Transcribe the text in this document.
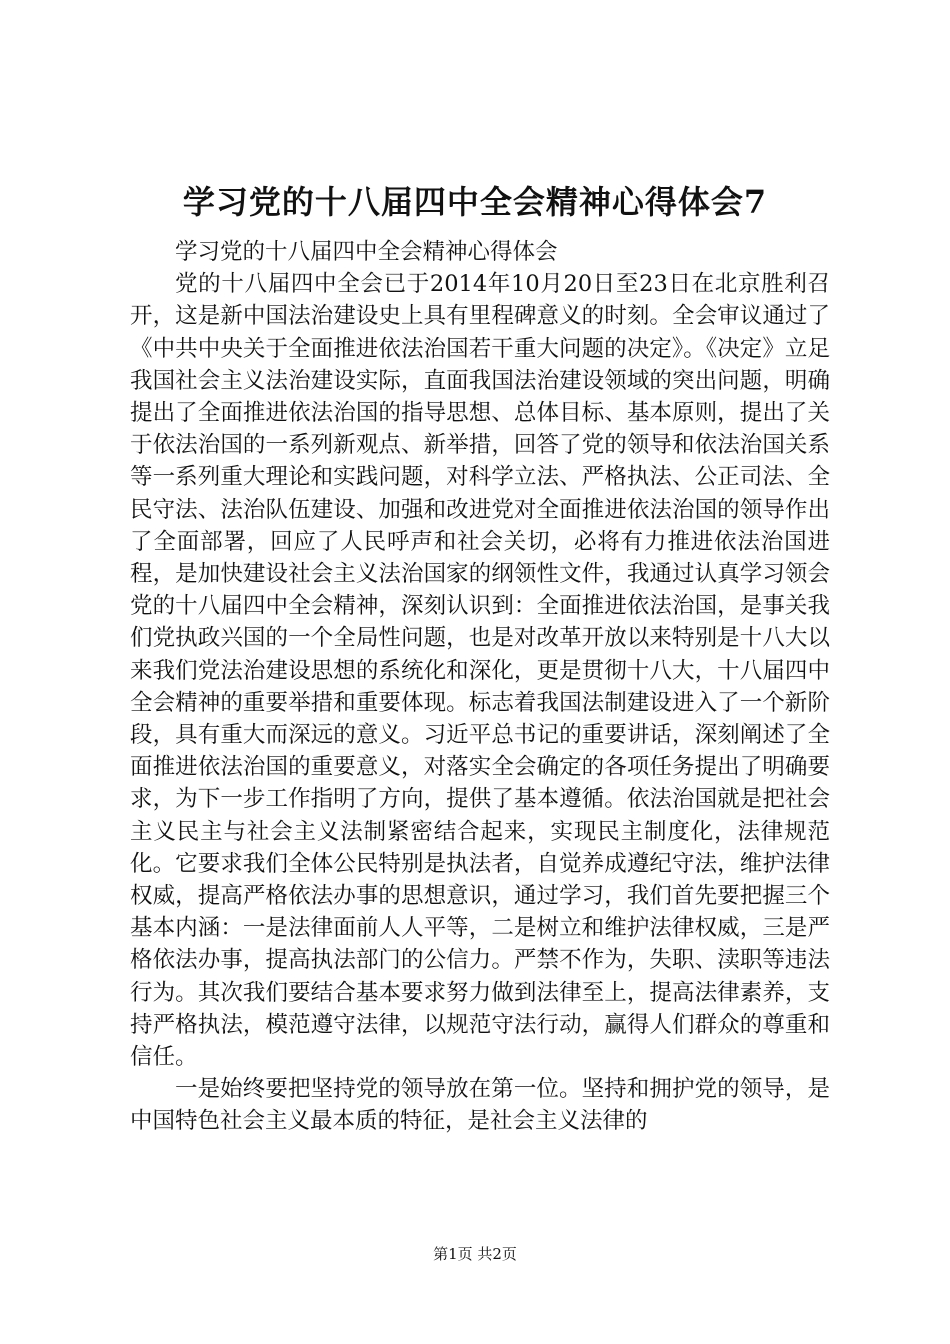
学习党的十八届四中全会精神心得体会7

学习党的十八届四中全会精神心得体会

党的十八届四中全会已于2014年10月20日至23日在北京胜利召开，这是新中国法治建设史上具有里程碑意义的时刻。全会审议通过了《中共中央关于全面推进依法治国若干重大问题的决定》。《决定》立足我国社会主义法治建设实际，直面我国法治建设领域的突出问题，明确提出了全面推进依法治国的指导思想、总体目标、基本原则，提出了关于依法治国的一系列新观点、新举措，回答了党的领导和依法治国关系等一系列重大理论和实践问题，对科学立法、严格执法、公正司法、全民守法、法治队伍建设、加强和改进党对全面推进依法治国的领导作出了全面部署，回应了人民呼声和社会关切，必将有力推进依法治国进程，是加快建设社会主义法治国家的纲领性文件，我通过认真学习领会党的十八届四中全会精神，深刻认识到：全面推进依法治国，是事关我们党执政兴国的一个全局性问题，也是对改革开放以来特别是十八大以来我们党法治建设思想的系统化和深化，更是贯彻十八大，十八届四中全会精神的重要举措和重要体现。标志着我国法制建设进入了一个新阶段，具有重大而深远的意义。习近平总书记的重要讲话，深刻阐述了全面推进依法治国的重要意义，对落实全会确定的各项任务提出了明确要求，为下一步工作指明了方向，提供了基本遵循。依法治国就是把社会主义民主与社会主义法制紧密结合起来，实现民主制度化，法律规范化。它要求我们全体公民特别是执法者，自觉养成遵纪守法，维护法律权威，提高严格依法办事的思想意识，通过学习，我们首先要把握三个基本内涵：一是法律面前人人平等，二是树立和维护法律权威，三是严格依法办事，提高执法部门的公信力。严禁不作为，失职、渎职等违法行为。其次我们要结合基本要求努力做到法律至上，提高法律素养，支持严格执法，模范遵守法律，以规范守法行动，赢得人们群众的尊重和信任。

一是始终要把坚持党的领导放在第一位。坚持和拥护党的领导，是中国特色社会主义最本质的特征，是社会主义法律的

第1页 共2页
